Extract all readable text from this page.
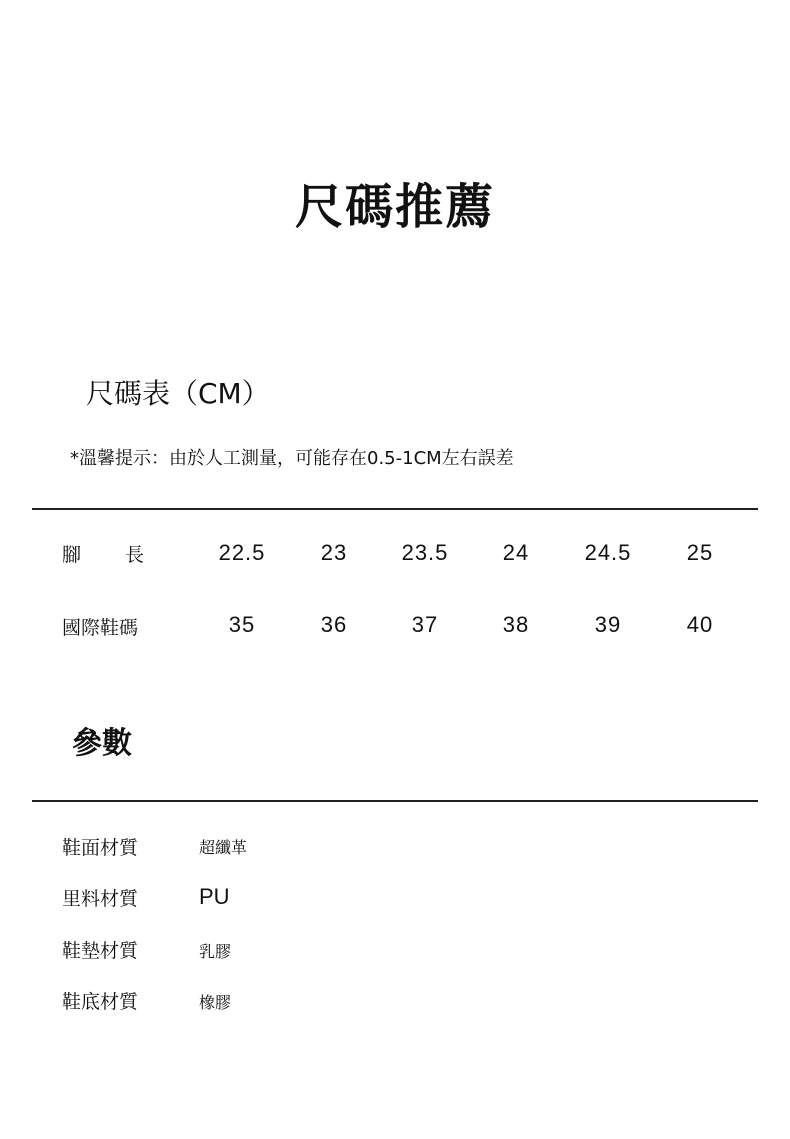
尺碼推薦
尺碼表（CM）
*溫馨提示：由於人工測量，可能存在0.5-1CM左右誤差
腳長	22.5	23	23.5	24	24.5	25
國際鞋碼	35	36	37	38	39	40
參數
鞋面材質	超纖革
里料材質	PU
鞋墊材質	乳膠
鞋底材質	橡膠
